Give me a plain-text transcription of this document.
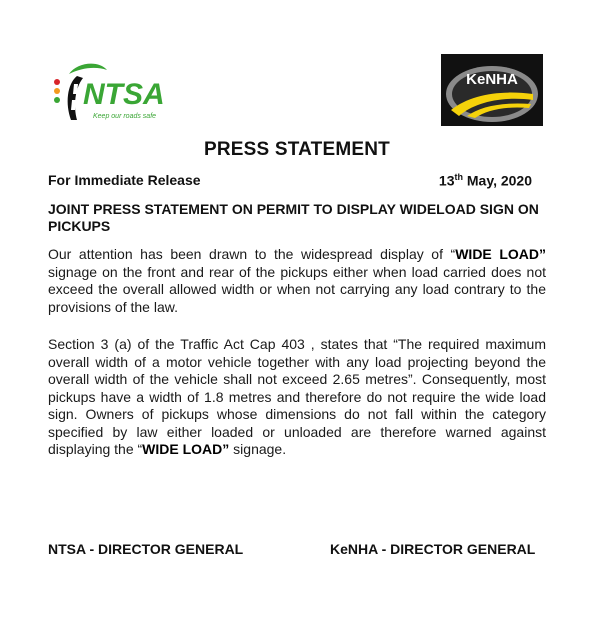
NTSA
Keep our roads safe
KeNHA
PRESS STATEMENT
For Immediate Release	13th May, 2020
JOINT PRESS STATEMENT ON PERMIT TO DISPLAY WIDELOAD SIGN ON PICKUPS
Our attention has been drawn to the widespread display of “WIDE LOAD” signage on the front and rear of the pickups either when load carried does not exceed the overall allowed width or when not carrying any load contrary to the provisions of the law.
Section 3 (a) of the Traffic Act Cap 403 , states that “The required maximum overall width of a motor vehicle together with any load projecting beyond the overall width of the vehicle shall not exceed 2.65 metres”. Consequently, most pickups have a width of 1.8 metres and therefore do not require the wide load sign. Owners of pickups whose dimensions do not fall within the category specified by law either loaded or unloaded are therefore warned against displaying the “WIDE LOAD” signage.
NTSA - DIRECTOR GENERAL	KeNHA - DIRECTOR GENERAL
